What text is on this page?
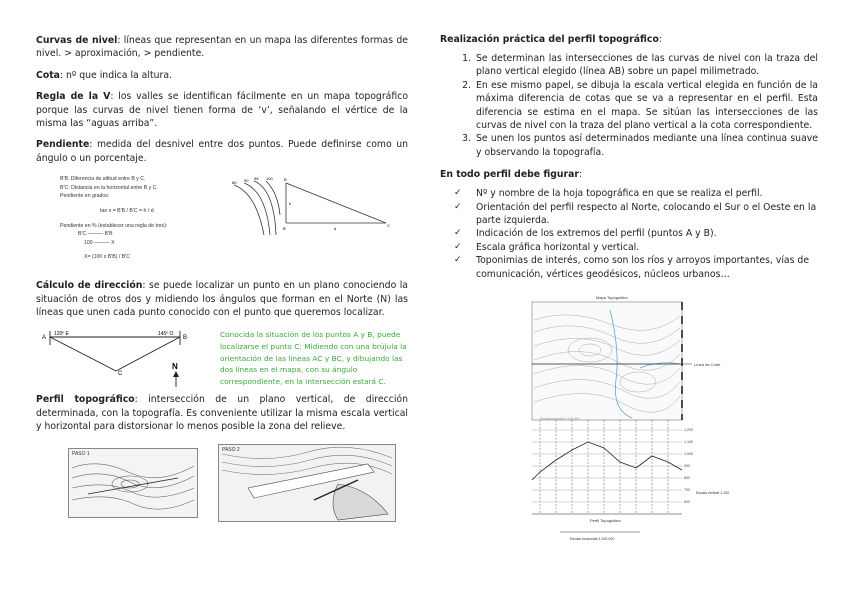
Curvas de nivel: líneas que representan en un mapa las diferentes formas de nivel. > aproximación, > pendiente.

Cota: nº que indica la altura.

Regla de la V: los valles se identifican fácilmente en un mapa topográfico porque las curvas de nivel tienen forma de ‘v’, señalando el vértice de la misma las “aguas arriba”.

Pendiente: medida del desnivel entre dos puntos. Puede definirse como un ángulo o un porcentaje.

B'B: Diferencia de altitud entre B y C.
B'C: Distancia en la horizontal entre B y C.
Pendiente en grados:
tan x = B'B / B'C = h / d
Pendiente en % (establecer una regla de tres):
B'C ——— B'B
100 ——— X
X= (100 x B'B) / B'C
80 90 95 100	B
B'
C
h
d

Cálculo de dirección: se puede localizar un punto en un plano conociendo la situación de otros dos y midiendo los ángulos que forman en el Norte (N) las líneas que unen cada punto conocido con el punto que queremos localizar.

A
120º E	145º O
B
C
N
Conocida la situación de los puntos A y B, puede localizarse el punto C: Midiendo con una brújula la orientación de las líneas AC y BC, y dibujando las dos líneas en el mapa, con su ángulo correspondiente, en la intersección estará C.

Perfil topográfico: intersección de un plano vertical, de dirección determinada, con la topografía. Es conveniente utilizar la misma escala vertical y horizontal para distorsionar lo menos posible la zona del relieve.

PASO 1
PASO 2
Realización práctica del perfil topográfico:
1. Se determinan las intersecciones de las curvas de nivel con la traza del plano vertical elegido (línea AB) sobre un papel milimetrado.
2. En ese mismo papel, se dibuja la escala vertical elegida en función de la máxima diferencia de cotas que se va a representar en el perfil. Esta diferencia se estima en el mapa. Se sitúan las intersecciones de las curvas de nivel con la traza del plano vertical a la cota correspondiente.
3. Se unen los puntos así determinados mediante una línea continua suave y observando la topografía.
En todo perfil debe figurar:
✓ Nº y nombre de la hoja topográfica en que se realiza el perfil.
✓ Orientación del perfil respecto al Norte, colocando el Sur o el Oeste en la parte izquierda.
✓ Indicación de los extremos del perfil (puntos A y B).
✓ Escala gráfica horizontal y vertical.
✓ Toponimias de interés, como son los ríos y arroyos importantes, vías de comunicación, vértices geodésicos, núcleos urbanos…
Mapa Topográfico
Línea de Corte
1.200
1.100
1.000
900
800
700
600
Perfil Topográfico
Escala vertical 1:100
Escala horizontal 1:100.000
Escala horizontal 1:100.000
